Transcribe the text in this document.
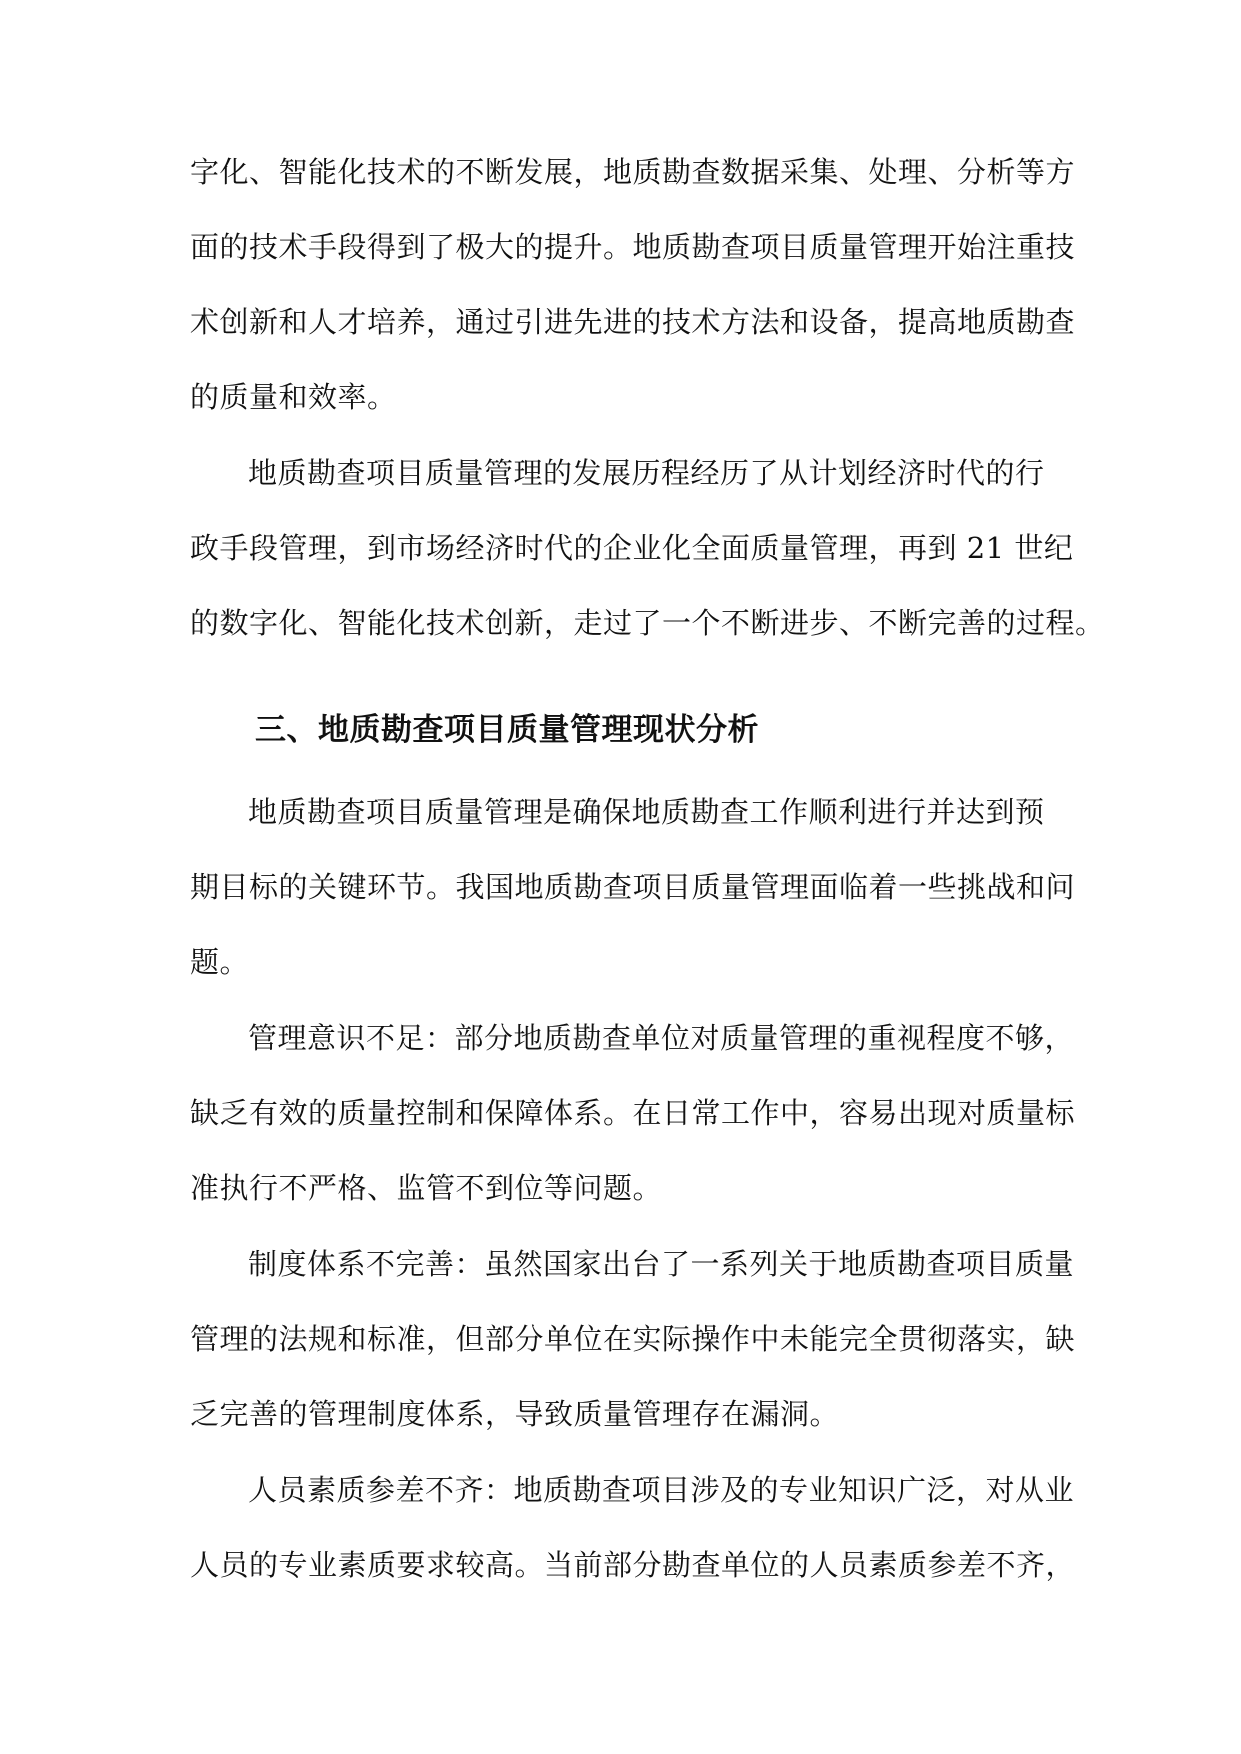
字化、智能化技术的不断发展，地质勘查数据采集、处理、分析等方
面的技术手段得到了极大的提升。地质勘查项目质量管理开始注重技
术创新和人才培养，通过引进先进的技术方法和设备，提高地质勘查
的质量和效率。
地质勘查项目质量管理的发展历程经历了从计划经济时代的行
政手段管理，到市场经济时代的企业化全面质量管理，再到 21 世纪
的数字化、智能化技术创新，走过了一个不断进步、不断完善的过程。
三、地质勘查项目质量管理现状分析
地质勘查项目质量管理是确保地质勘查工作顺利进行并达到预
期目标的关键环节。我国地质勘查项目质量管理面临着一些挑战和问
题。
管理意识不足：部分地质勘查单位对质量管理的重视程度不够，
缺乏有效的质量控制和保障体系。在日常工作中，容易出现对质量标
准执行不严格、监管不到位等问题。
制度体系不完善：虽然国家出台了一系列关于地质勘查项目质量
管理的法规和标准，但部分单位在实际操作中未能完全贯彻落实，缺
乏完善的管理制度体系，导致质量管理存在漏洞。
人员素质参差不齐：地质勘查项目涉及的专业知识广泛，对从业
人员的专业素质要求较高。当前部分勘查单位的人员素质参差不齐，
